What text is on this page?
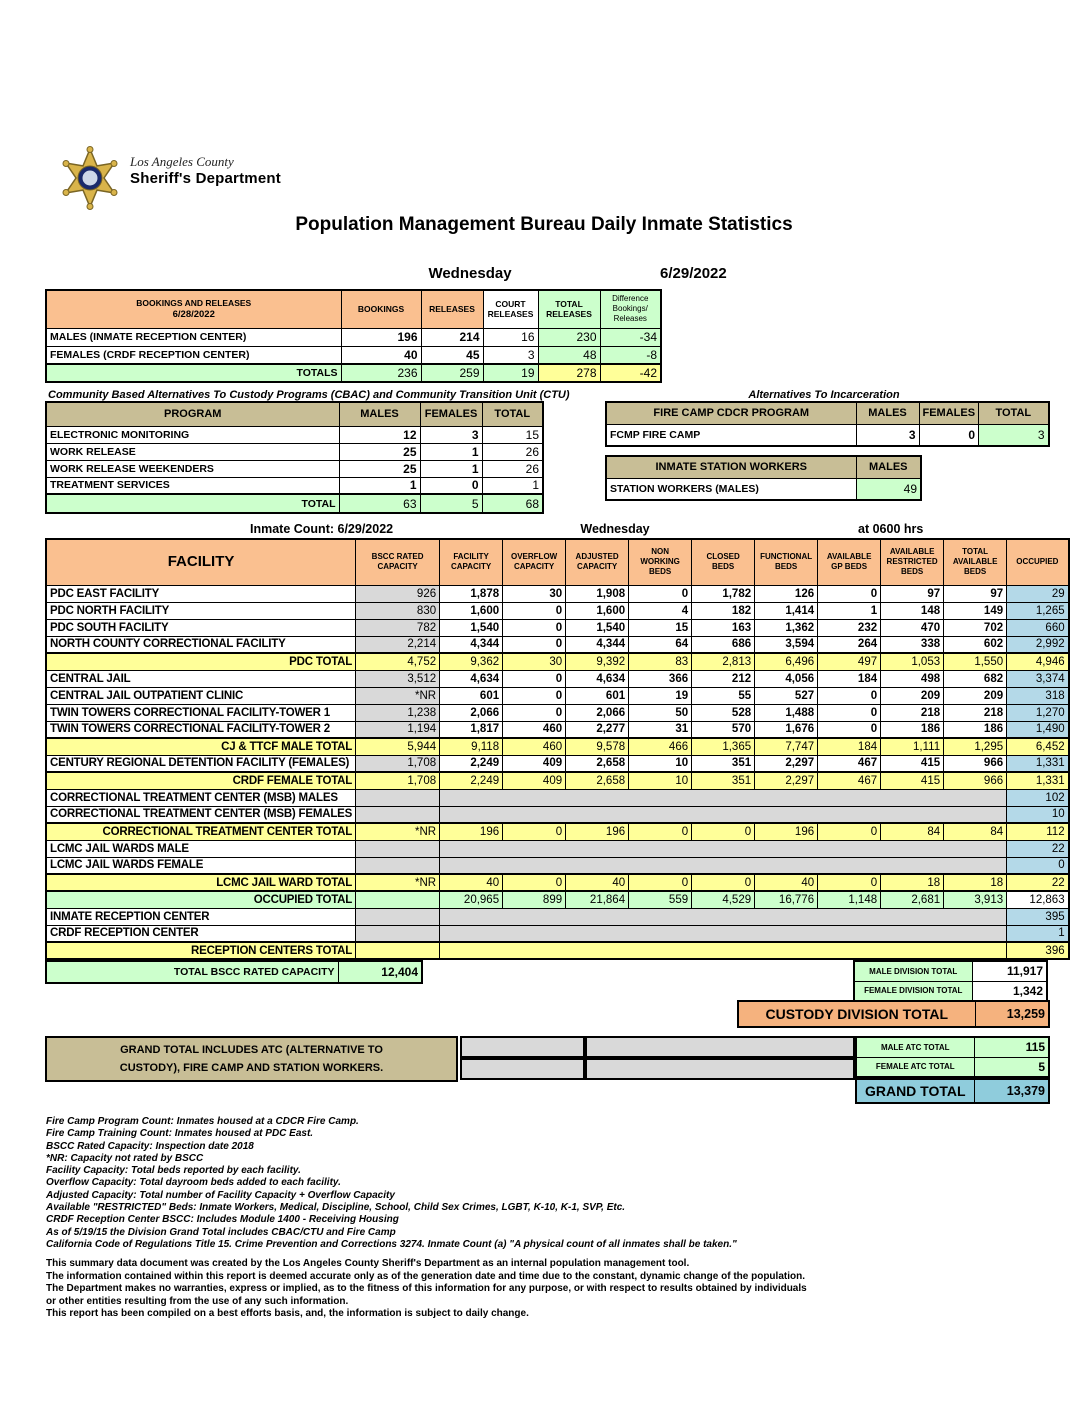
Los Angeles County
Sheriff's Department
Population Management Bureau Daily Inmate Statistics
Wednesday	6/29/2022
BOOKINGS AND RELEASES
6/28/2022	BOOKINGS	RELEASES	COURT RELEASES	TOTAL RELEASES	Difference Bookings/ Releases
MALES (INMATE RECEPTION CENTER)	196	214	16	230	-34
FEMALES (CRDF RECEPTION CENTER)	40	45	3	48	-8
TOTALS	236	259	19	278	-42
Community Based Alternatives To Custody Programs (CBAC) and Community Transition Unit (CTU)
PROGRAM	MALES	FEMALES	TOTAL
ELECTRONIC MONITORING	12	3	15
WORK RELEASE	25	1	26
WORK RELEASE WEEKENDERS	25	1	26
TREATMENT SERVICES	1	0	1
TOTAL	63	5	68
Alternatives To Incarceration
FIRE CAMP CDCR PROGRAM	MALES	FEMALES	TOTAL
FCMP FIRE CAMP	3	0	3
INMATE STATION WORKERS	MALES
STATION WORKERS (MALES)	49
Inmate Count: 6/29/2022	Wednesday	at 0600 hrs
FACILITY	BSCC RATED CAPACITY	FACILITY CAPACITY	OVERFLOW CAPACITY	ADJUSTED CAPACITY	NON WORKING BEDS	CLOSED BEDS	FUNCTIONAL BEDS	AVAILABLE GP BEDS	AVAILABLE RESTRICTED BEDS	TOTAL AVAILABLE BEDS	OCCUPIED
PDC EAST FACILITY	926	1,878	30	1,908	0	1,782	126	0	97	97	29
PDC NORTH FACILITY	830	1,600	0	1,600	4	182	1,414	1	148	149	1,265
PDC SOUTH FACILITY	782	1,540	0	1,540	15	163	1,362	232	470	702	660
NORTH COUNTY CORRECTIONAL FACILITY	2,214	4,344	0	4,344	64	686	3,594	264	338	602	2,992
PDC TOTAL	4,752	9,362	30	9,392	83	2,813	6,496	497	1,053	1,550	4,946
CENTRAL JAIL	3,512	4,634	0	4,634	366	212	4,056	184	498	682	3,374
CENTRAL JAIL OUTPATIENT CLINIC	*NR	601	0	601	19	55	527	0	209	209	318
TWIN TOWERS CORRECTIONAL FACILITY-TOWER 1	1,238	2,066	0	2,066	50	528	1,488	0	218	218	1,270
TWIN TOWERS CORRECTIONAL FACILITY-TOWER 2	1,194	1,817	460	2,277	31	570	1,676	0	186	186	1,490
CJ & TTCF MALE TOTAL	5,944	9,118	460	9,578	466	1,365	7,747	184	1,111	1,295	6,452
CENTURY REGIONAL DETENTION FACILITY (FEMALES)	1,708	2,249	409	2,658	10	351	2,297	467	415	966	1,331
CRDF FEMALE TOTAL	1,708	2,249	409	2,658	10	351	2,297	467	415	966	1,331
CORRECTIONAL TREATMENT CENTER (MSB) MALES											102
CORRECTIONAL TREATMENT CENTER (MSB) FEMALES											10
CORRECTIONAL TREATMENT CENTER TOTAL	*NR	196	0	196	0	0	196	0	84	84	112
LCMC JAIL WARDS MALE											22
LCMC JAIL WARDS FEMALE											0
LCMC JAIL WARD TOTAL	*NR	40	0	40	0	0	40	0	18	18	22
OCCUPIED TOTAL		20,965	899	21,864	559	4,529	16,776	1,148	2,681	3,913	12,863
INMATE RECEPTION CENTER											395
CRDF RECEPTION CENTER											1
RECEPTION CENTERS TOTAL											396
TOTAL BSCC RATED CAPACITY	12,404	MALE DIVISION TOTAL	11,917
FEMALE DIVISION TOTAL	1,342
CUSTODY DIVISION TOTAL	13,259
GRAND TOTAL INCLUDES ATC (ALTERNATIVE TO
CUSTODY), FIRE CAMP AND STATION WORKERS.
MALE ATC TOTAL	115
FEMALE ATC TOTAL	5
GRAND TOTAL	13,379
Fire Camp Program Count: Inmates housed at a CDCR Fire Camp.
Fire Camp Training Count: Inmates housed at PDC East.
BSCC Rated Capacity: Inspection date 2018
*NR: Capacity not rated by BSCC
Facility Capacity: Total beds reported by each facility.
Overflow Capacity: Total dayroom beds added to each facility.
Adjusted Capacity: Total number of Facility Capacity + Overflow Capacity
Available "RESTRICTED" Beds: Inmate Workers, Medical, Discipline, School, Child Sex Crimes, LGBT, K-10, K-1, SVP, Etc.
CRDF Reception Center BSCC: Includes Module 1400 - Receiving Housing
As of 5/19/15 the Division Grand Total includes CBAC/CTU and Fire Camp
California Code of Regulations Title 15. Crime Prevention and Corrections 3274. Inmate Count (a) "A physical count of all inmates shall be taken."
This summary data document was created by the Los Angeles County Sheriff's Department as an internal population management tool.
The information contained within this report is deemed accurate only as of the generation date and time due to the constant, dynamic change of the population.
The Department makes no warranties, express or implied, as to the fitness of this information for any purpose, or with respect to results obtained by individuals
or other entities resulting from the use of any such information.
This report has been compiled on a best efforts basis, and, the information is subject to daily change.
